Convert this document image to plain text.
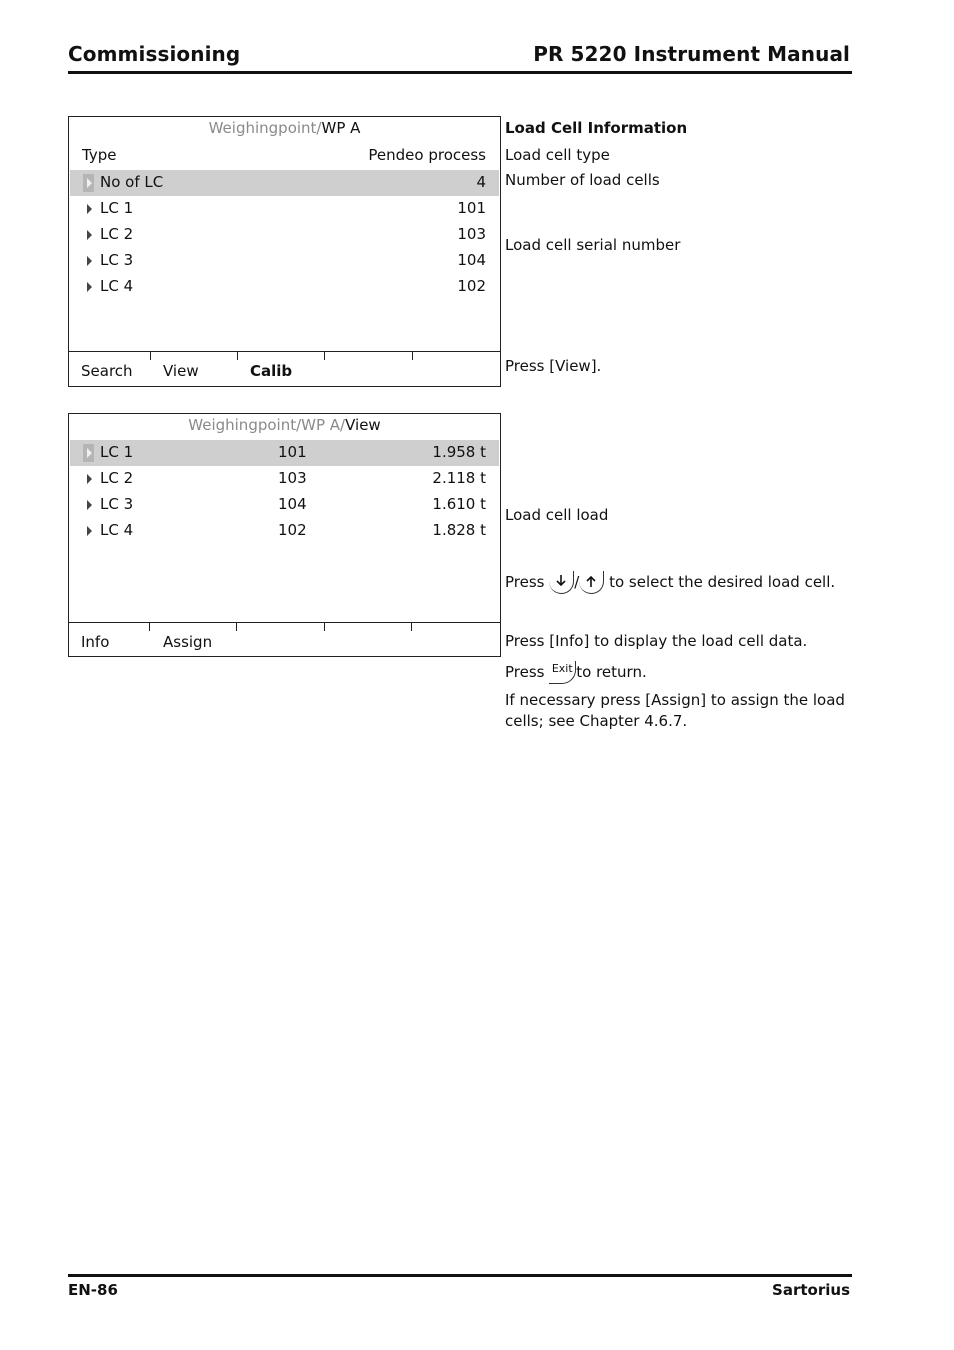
Commissioning	PR 5220 Instrument Manual
Weighingpoint/WP A
Type	Pendeo process
No of LC	4
LC 1	101
LC 2	103
LC 3	104
LC 4	102
Search View	Calib
Weighingpoint/WP A/View
LC 1	101	1.958 t
LC 2	103	2.118 t
LC 3	104	1.610 t
LC 4	102	1.828 t
Info	Assign
Load Cell Information
Load cell type
Number of load cells
Load cell serial number
Press [View].
Load cell load
Press / to select the desired load cell.
Press [Info] to display the load cell data.
Press Exit to return.
If necessary press [Assign] to assign the load
cells; see Chapter 4.6.7.
EN-86	Sartorius
